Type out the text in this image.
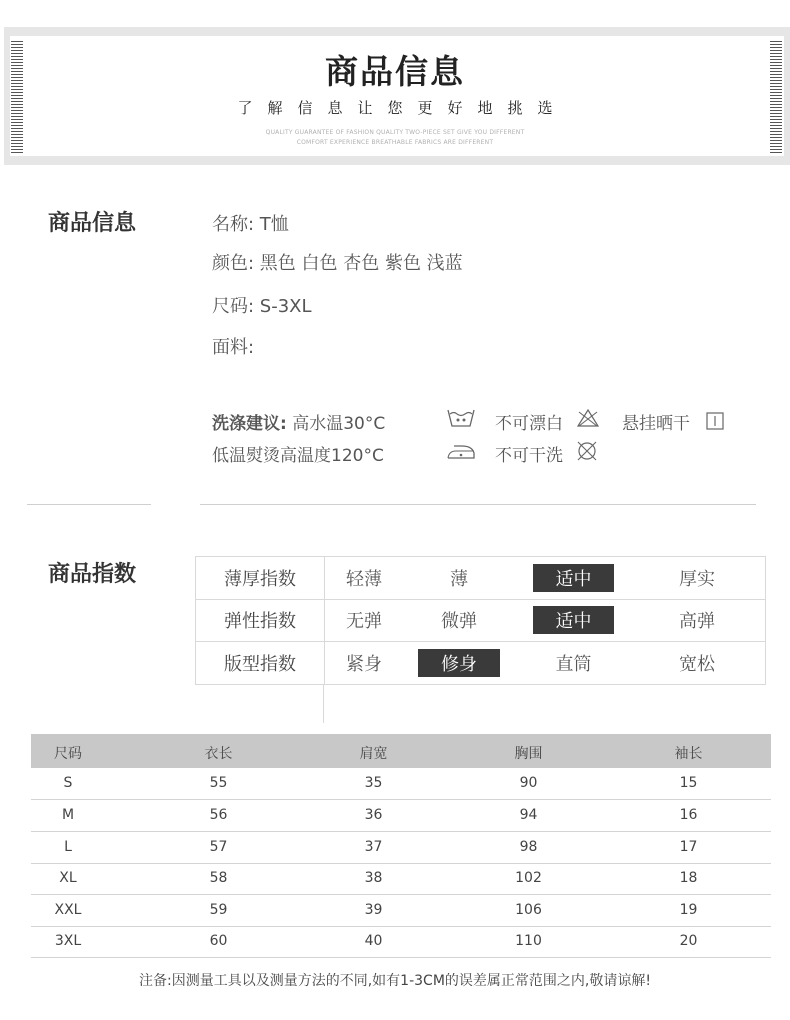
商品信息
了解信息让您更好地挑选
QUALITY GUARANTEE OF FASHION QUALITY TWO-PIECE SET GIVE YOU DIFFERENT
COMFORT EXPERIENCE BREATHABLE FABRICS ARE DIFFERENT
商品信息	名称: T恤
颜色: 黑色 白色 杏色 紫色 浅蓝
尺码: S-3XL
面料:
洗涤建议: 高水温30°C
低温熨烫高温度120°C
不可漂白	悬挂晒干
不可干洗
商品指数	薄厚指数	轻薄	薄	适中	厚实
弹性指数	无弹	微弹	适中	高弹
版型指数	紧身	修身	直筒	宽松
尺码	衣长	肩宽	胸围	袖长
S	55	35	90	15
M	56	36	94	16
L	57	37	98	17
XL	58	38	102	18
XXL	59	39	106	19
3XL	60	40	110	20
注备:因测量工具以及测量方法的不同,如有1-3CM的误差属正常范围之内,敬请谅解!
